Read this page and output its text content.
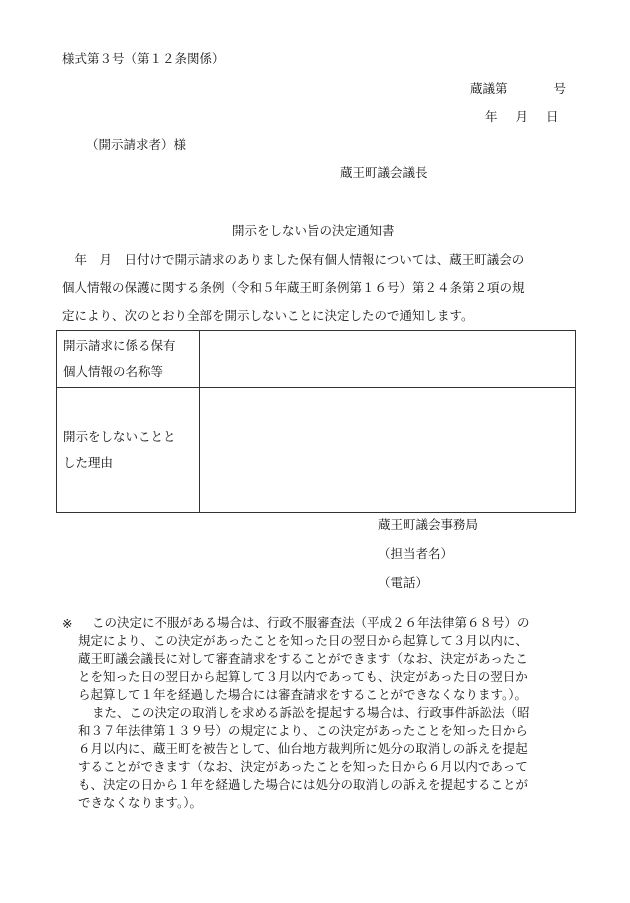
様式第３号（第１２条関係）
蔵議第	号
年 月 日
（開示請求者）様
蔵王町議会議長
開示をしない旨の決定通知書
　年　月　日付けで開示請求のありました保有個人情報については、蔵王町議会の
個人情報の保護に関する条例（令和５年蔵王町条例第１６号）第２４条第２項の規
定により、次のとおり全部を開示しないことに決定したので通知します。
開示請求に係る保有
個人情報の名称等	

開示をしないことと
した理由	

蔵王町議会事務局
（担当者名）
（電話）
※	この決定に不服がある場合は、行政不服審査法（平成２６年法律第６８号）の
規定により、この決定があったことを知った日の翌日から起算して３月以内に、
蔵王町議会議長に対して審査請求をすることができます（なお、決定があったこ
とを知った日の翌日から起算して３月以内であっても、決定があった日の翌日か
ら起算して１年を経過した場合には審査請求をすることができなくなります。）。
また、この決定の取消しを求める訴訟を提起する場合は、行政事件訴訟法（昭
和３７年法律第１３９号）の規定により、この決定があったことを知った日から
６月以内に、蔵王町を被告として、仙台地方裁判所に処分の取消しの訴えを提起
することができます（なお、決定があったことを知った日から６月以内であって
も、決定の日から１年を経過した場合には処分の取消しの訴えを提起することが
できなくなります。）。
